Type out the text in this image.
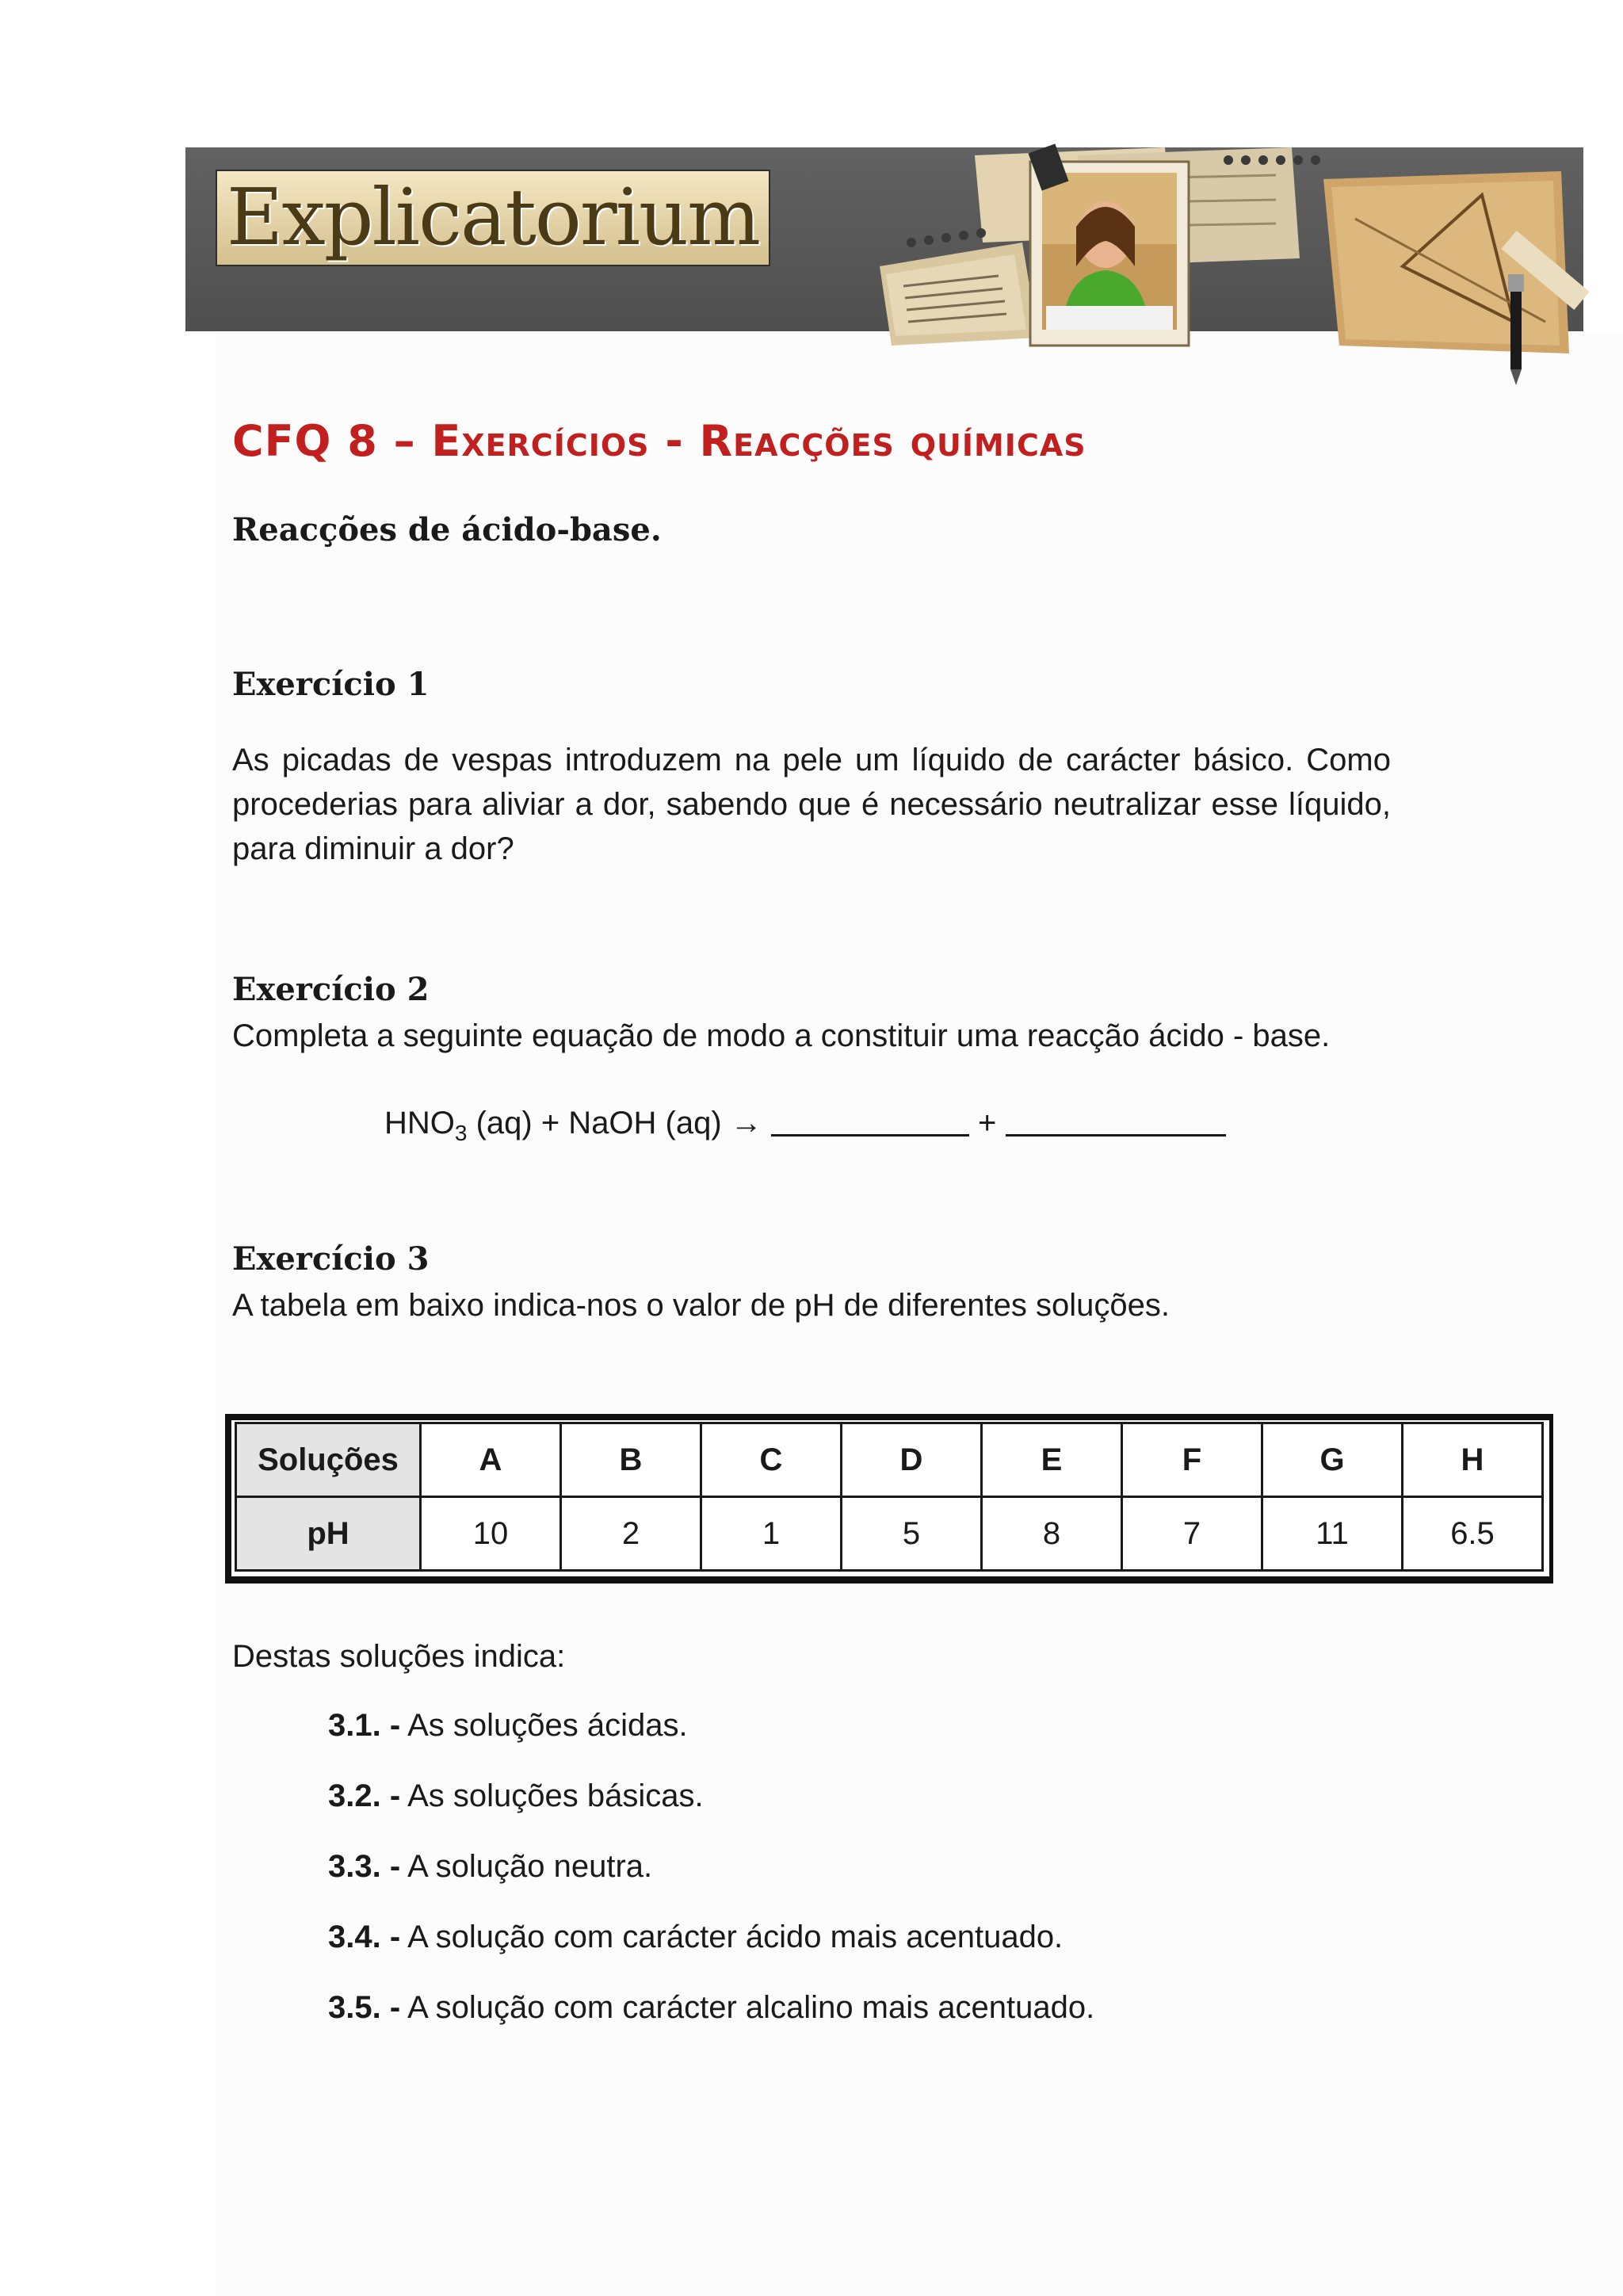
Explicatorium
CFQ 8 – Exercícios - Reacções químicas
Reacções de ácido-base.
Exercício 1

As picadas de vespas introduzem na pele um líquido de carácter básico. Como procederias para aliviar a dor, sabendo que é necessário neutralizar esse líquido, para diminuir a dor?

Exercício 2

Completa a seguinte equação de modo a constituir uma reacção ácido - base.

$HNO_3$ (aq) + NaOH (aq) →	+
Exercício 3

A tabela em baixo indica-nos o valor de pH de diferentes soluções.

Soluções	A	B	C	D	E	F	G	H
pH	10	2	1	5	8	7	11	6.5

Destas soluções indica:

3.1. - As soluções ácidas.

3.2. - As soluções básicas.

3.3. - A solução neutra.

3.4. - A solução com carácter ácido mais acentuado.

3.5. - A solução com carácter alcalino mais acentuado.
